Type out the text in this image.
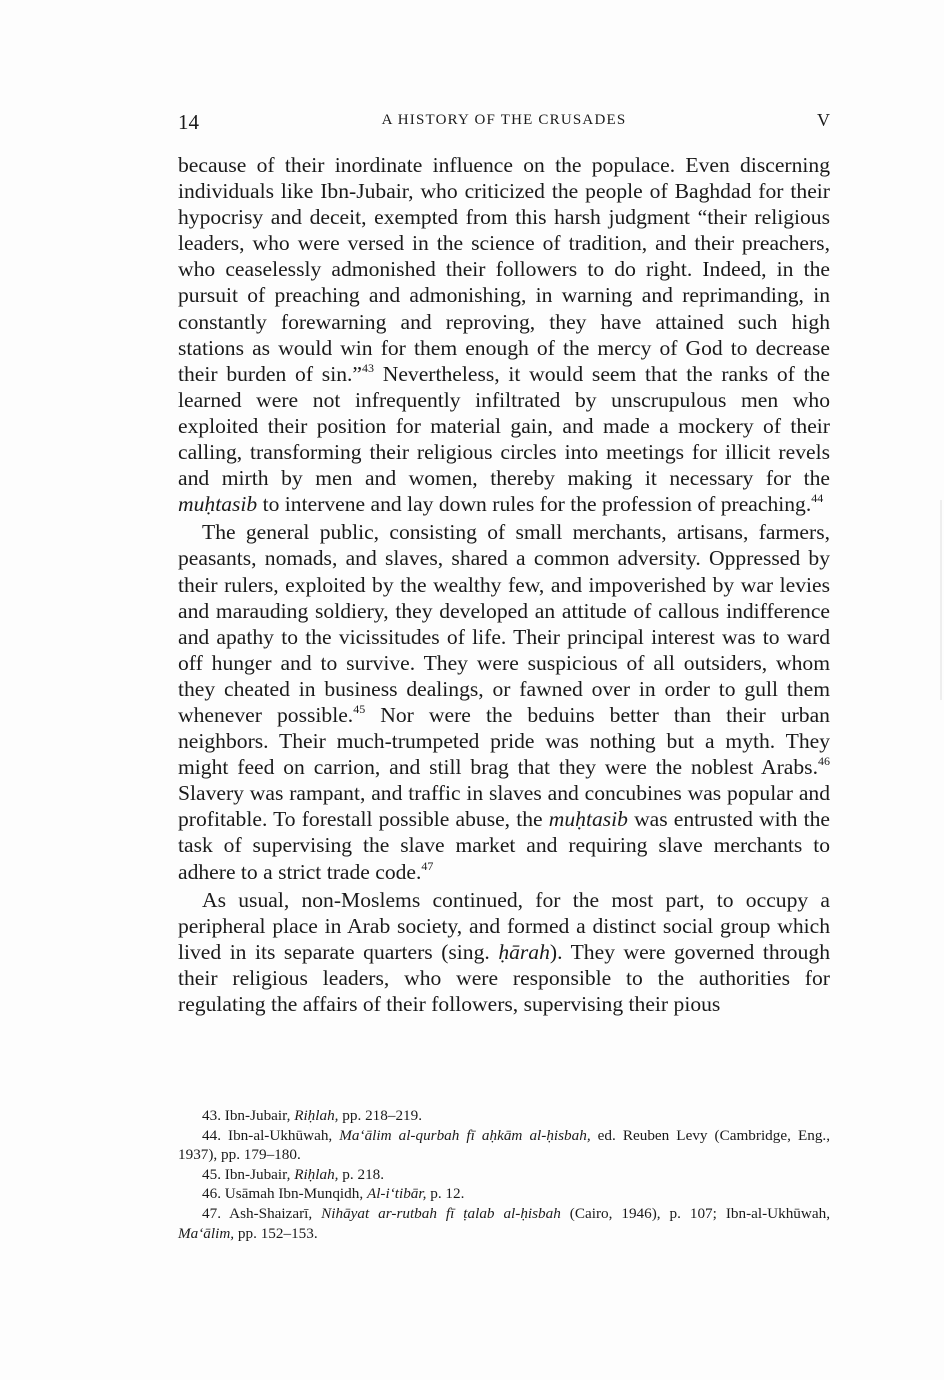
14	A HISTORY OF THE CRUSADES	V

because of their inordinate influence on the populace. Even discerning individuals like Ibn-Jubair, who criticized the people of Baghdad for their hypocrisy and deceit, exempted from this harsh judgment “their religious leaders, who were versed in the science of tradition, and their preachers, who ceaselessly admonished their followers to do right. Indeed, in the pursuit of preaching and admonishing, in warning and reprimanding, in constantly forewarning and reproving, they have attained such high stations as would win for them enough of the mercy of God to decrease their burden of sin.”$^{43}$ Nevertheless, it would seem that the ranks of the learned were not infrequently infiltrated by unscrupulous men who exploited their position for material gain, and made a mockery of their calling, transforming their religious circles into meetings for illicit revels and mirth by men and women, thereby making it necessary for the muḥtasib to intervene and lay down rules for the profession of preaching.$^{44}$

The general public, consisting of small merchants, artisans, farmers, peasants, nomads, and slaves, shared a common adversity. Oppressed by their rulers, exploited by the wealthy few, and impoverished by war levies and marauding soldiery, they developed an attitude of callous indifference and apathy to the vicissitudes of life. Their principal interest was to ward off hunger and to survive. They were suspicious of all outsiders, whom they cheated in business dealings, or fawned over in order to gull them whenever possible.$^{45}$ Nor were the beduins better than their urban neighbors. Their much-trumpeted pride was nothing but a myth. They might feed on carrion, and still brag that they were the noblest Arabs.$^{46}$ Slavery was rampant, and traffic in slaves and concubines was popular and profitable. To forestall possible abuse, the muḥtasib was entrusted with the task of supervising the slave market and requiring slave merchants to adhere to a strict trade code.$^{47}$

As usual, non-Moslems continued, for the most part, to occupy a peripheral place in Arab society, and formed a distinct social group which lived in its separate quarters (sing. ḥārah). They were governed through their religious leaders, who were responsible to the authorities for regulating the affairs of their followers, supervising their pious

43. Ibn-Jubair, Riḥlah, pp. 218–219.

44. Ibn-al-Ukhūwah, Ma‘ālim al-qurbah fī aḥkām al-ḥisbah, ed. Reuben Levy (Cambridge, Eng., 1937), pp. 179–180.

45. Ibn-Jubair, Riḥlah, p. 218.

46. Usāmah Ibn-Munqidh, Al-i‘tibār, p. 12.

47. Ash-Shaizarī, Nihāyat ar-rutbah fī ṭalab al-ḥisbah (Cairo, 1946), p. 107; Ibn-al-Ukhūwah, Ma‘ālim, pp. 152–153.
